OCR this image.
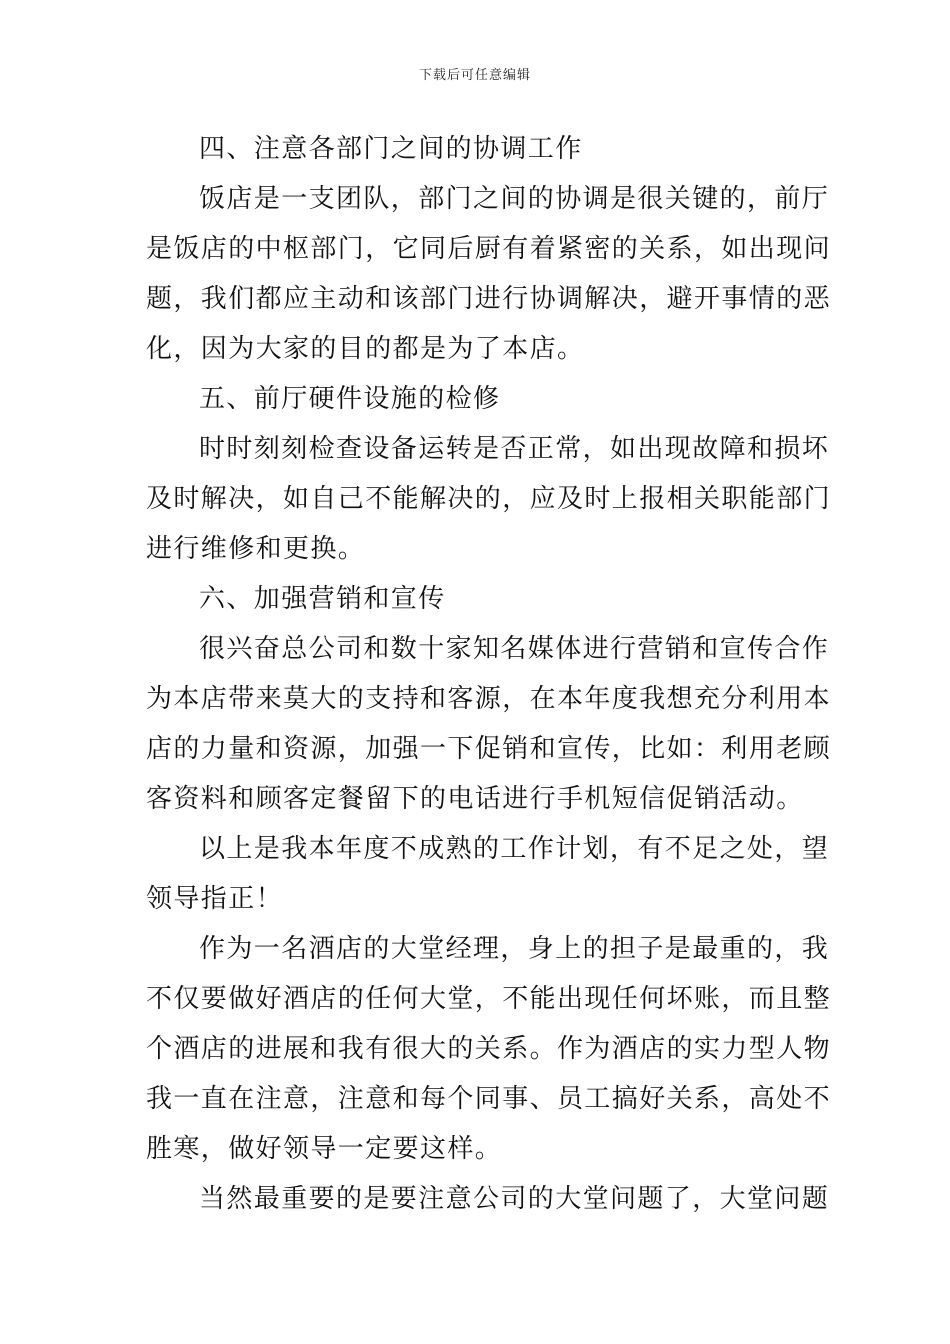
下载后可任意编辑
四、注意各部门之间的协调工作
饭店是一支团队，部门之间的协调是很关键的，前厅
是饭店的中枢部门，它同后厨有着紧密的关系，如出现问
题，我们都应主动和该部门进行协调解决，避开事情的恶
化，因为大家的目的都是为了本店。
五、前厅硬件设施的检修
时时刻刻检查设备运转是否正常，如出现故障和损坏
及时解决，如自己不能解决的，应及时上报相关职能部门
进行维修和更换。
六、加强营销和宣传
很兴奋总公司和数十家知名媒体进行营销和宣传合作
为本店带来莫大的支持和客源，在本年度我想充分利用本
店的力量和资源，加强一下促销和宣传，比如：利用老顾
客资料和顾客定餐留下的电话进行手机短信促销活动。
以上是我本年度不成熟的工作计划，有不足之处，望
领导指正！
作为一名酒店的大堂经理，身上的担子是最重的，我
不仅要做好酒店的任何大堂，不能出现任何坏账，而且整
个酒店的进展和我有很大的关系。作为酒店的实力型人物
我一直在注意，注意和每个同事、员工搞好关系，高处不
胜寒，做好领导一定要这样。
当然最重要的是要注意公司的大堂问题了，大堂问题
